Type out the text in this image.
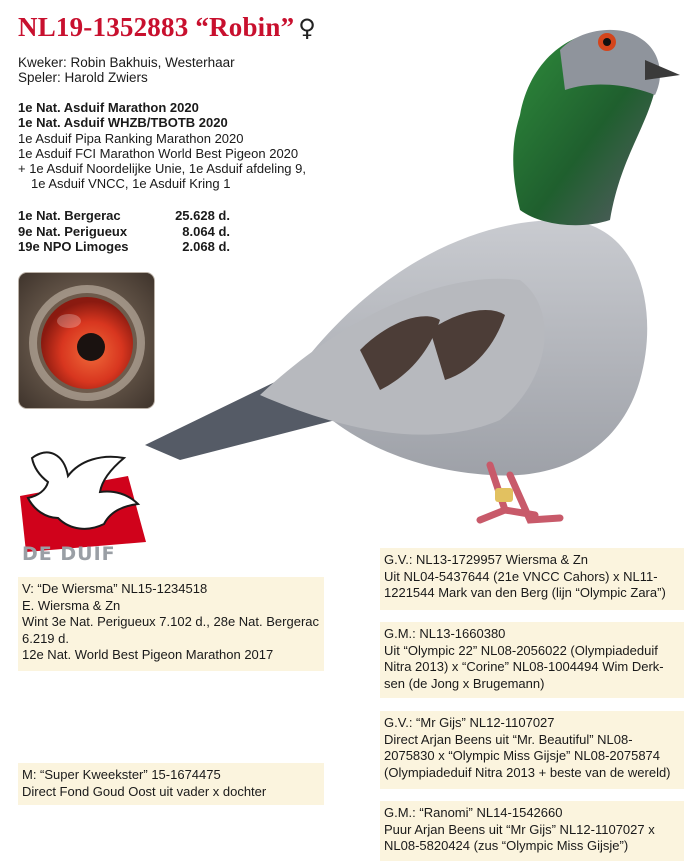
NL19-1352883 “Robin” ♀
Kweker: Robin Bakhuis, Westerhaar
Speler: Harold Zwiers
1e Nat. Asduif Marathon 2020
1e Nat. Asduif WHZB/TBOTB 2020
1e Asduif Pipa Ranking Marathon 2020
1e Asduif FCI Marathon World Best Pigeon 2020
+ 1e Asduif Noordelijke Unie, 1e Asduif afdeling 9,
1e Asduif VNCC, 1e Asduif Kring 1
1e Nat. Bergerac	25.628 d.
9e Nat. Perigueux	8.064 d.
19e NPO Limoges	2.068 d.
DE DUIF	G.V.: NL13-1729957 Wiersma & Zn
Uit NL04-5437644 (21e VNCC Cahors) x NL11-
1221544 Mark van den Berg (lijn “Olympic Zara”)
V: “De Wiersma” NL15-1234518
E. Wiersma & Zn
Wint 3e Nat. Perigueux 7.102 d., 28e Nat. Bergerac
6.219 d.
12e Nat. World Best Pigeon Marathon 2017
G.M.: NL13-1660380
Uit “Olympic 22” NL08-2056022 (Olympiadeduif
Nitra 2013) x “Corine” NL08-1004494 Wim Derk-
sen (de Jong x Brugemann)
G.V.: “Mr Gijs” NL12-1107027
Direct Arjan Beens uit “Mr. Beautiful” NL08-
2075830 x “Olympic Miss Gijsje” NL08-2075874
(Olympiadeduif Nitra 2013 + beste van de wereld)
M: “Super Kweekster” 15-1674475
Direct Fond Goud Oost uit vader x dochter
G.M.: “Ranomi” NL14-1542660
Puur Arjan Beens uit “Mr Gijs” NL12-1107027 x
NL08-5820424 (zus “Olympic Miss Gijsje”)
